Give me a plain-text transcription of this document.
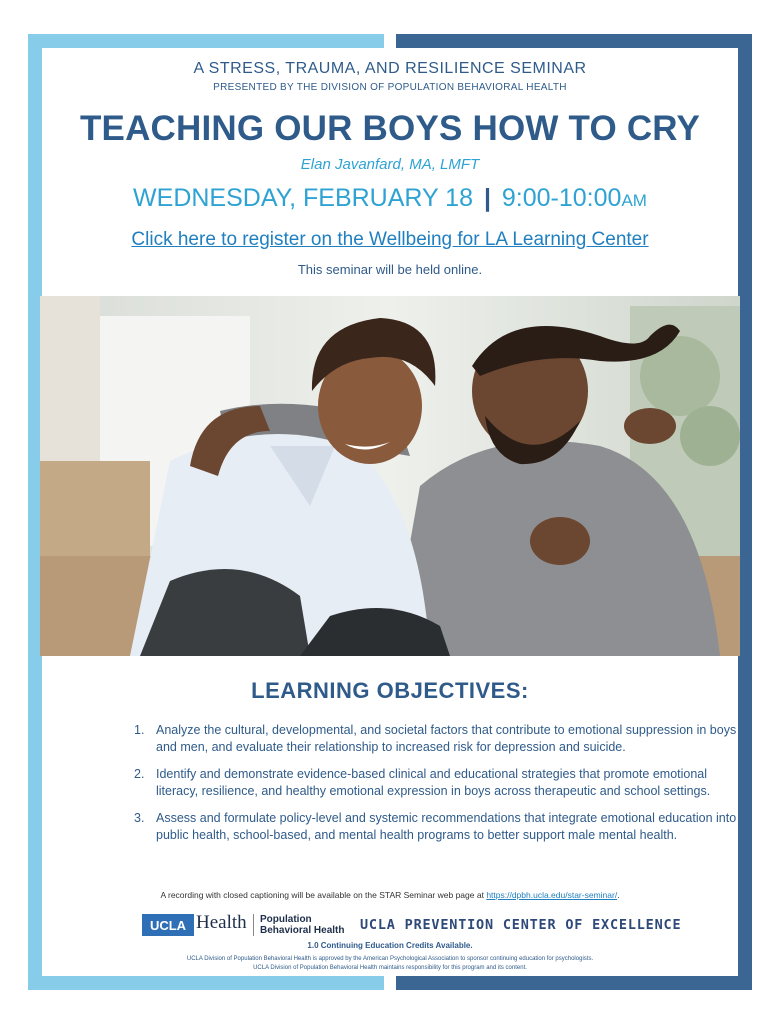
A STRESS, TRAUMA, AND RESILIENCE SEMINAR
PRESENTED BY THE DIVISION OF POPULATION BEHAVIORAL HEALTH
TEACHING OUR BOYS HOW TO CRY
Elan Javanfard, MA, LMFT
WEDNESDAY, FEBRUARY 18 | 9:00-10:00AM
Click here to register on the Wellbeing for LA Learning Center
This seminar will be held online.
LEARNING OBJECTIVES:
1. Analyze the cultural, developmental, and societal factors that contribute to emotional suppression in boys and men, and evaluate their relationship to increased risk for depression and suicide.
2. Identify and demonstrate evidence-based clinical and educational strategies that promote emotional literacy, resilience, and healthy emotional expression in boys across therapeutic and school settings.
3. Assess and formulate policy-level and systemic recommendations that integrate emotional education into public health, school-based, and mental health programs to better support male mental health.
A recording with closed captioning will be available on the STAR Seminar web page at https://dpbh.ucla.edu/star-seminar/.
UCLA Health Population
Behavioral Health UCLA PREVENTION CENTER OF EXCELLENCE
1.0 Continuing Education Credits Available.
UCLA Division of Population Behavioral Health is approved by the American Psychological Association to sponsor continuing education for psychologists.
UCLA Division of Population Behavioral Health maintains responsibility for this program and its content.
